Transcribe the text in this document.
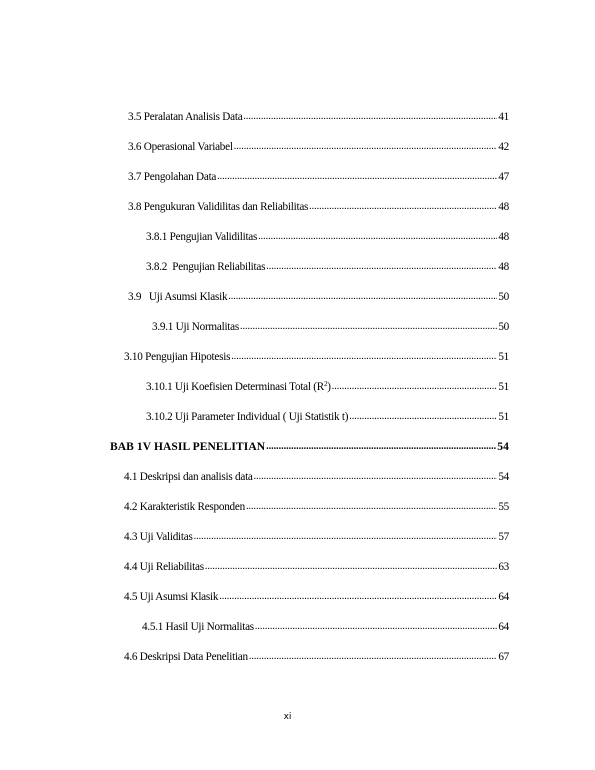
3.5 Peralatan Analisis Data .....	41
3.6 Operasional Variabel .....	42
3.7 Pengolahan Data .....	47
3.8 Pengukuran Validilitas dan Reliabilitas .....	48
3.8.1 Pengujian Validilitas .....	48
3.8.2  Pengujian Reliabilitas .....	48
3.9   Uji Asumsi Klasik .....	50
3.9.1 Uji Normalitas .....	50
3.10 Pengujian Hipotesis .....	51
3.10.1 Uji Koefisien Determinasi Total $(R^2)$ .....	51
3.10.2 Uji Parameter Individual ( Uji Statistik t) .....	51
BAB 1V HASIL PENELITIAN .....	54
4.1 Deskripsi dan analisis data .....	54
4.2 Karakteristik Responden .....	55
4.3 Uji Validitas .....	57
4.4 Uji Reliabilitas .....	63
4.5 Uji Asumsi Klasik .....	64
4.5.1 Hasil Uji Normalitas .....	64
4.6 Deskripsi Data Penelitian .....	67
xi
